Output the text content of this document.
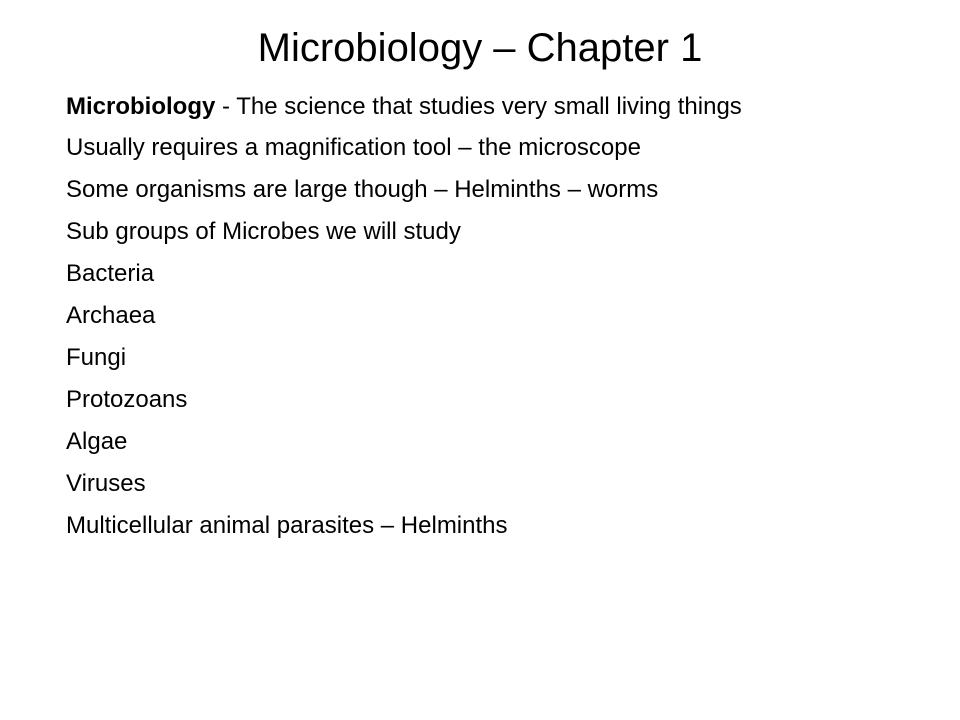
Microbiology – Chapter 1
Microbiology - The science that studies very small living things
Usually requires a magnification tool – the microscope
Some organisms are large though – Helminths – worms
Sub groups of Microbes we will study
Bacteria
Archaea
Fungi
Protozoans
Algae
Viruses
Multicellular animal parasites – Helminths
